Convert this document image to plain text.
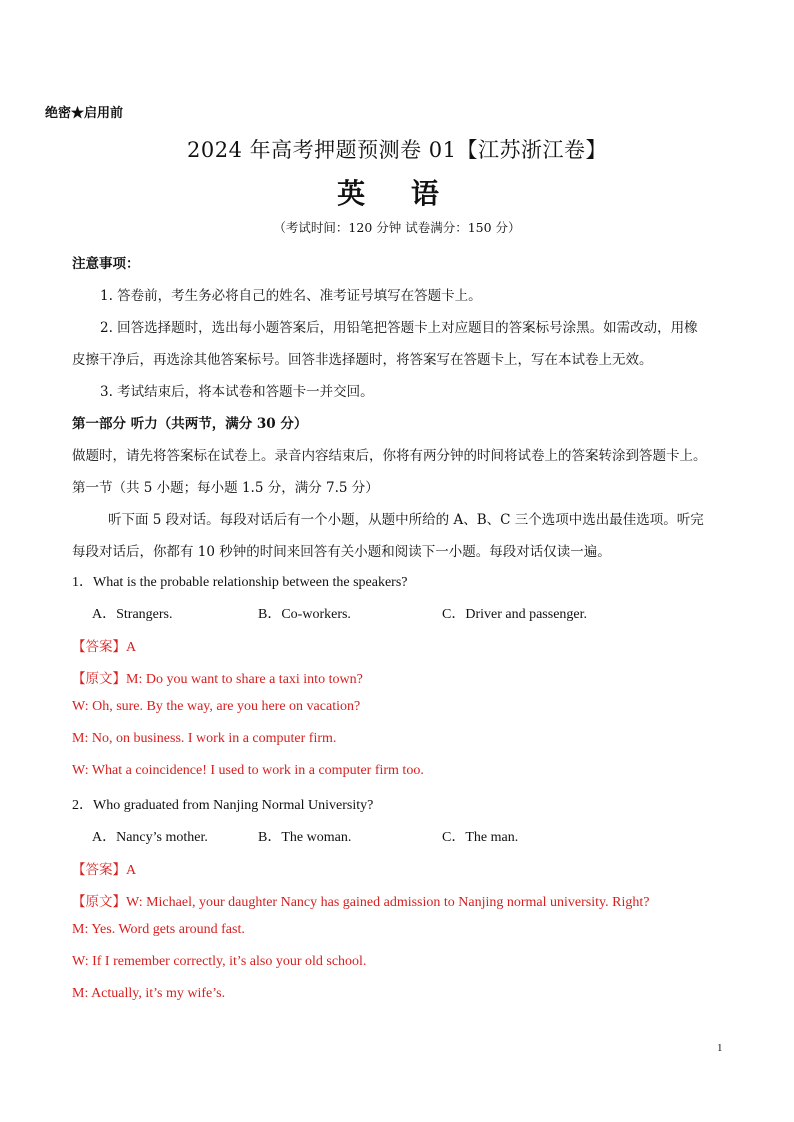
绝密★启用前
2024 年高考押题预测卷 01【江苏浙江卷】
英 语
（考试时间：120 分钟 试卷满分：150 分）
注意事项：
1. 答卷前，考生务必将自己的姓名、准考证号填写在答题卡上。
2. 回答选择题时，选出每小题答案后，用铅笔把答题卡上对应题目的答案标号涂黑。如需改动，用橡
皮擦干净后，再选涂其他答案标号。回答非选择题时，将答案写在答题卡上，写在本试卷上无效。
3. 考试结束后，将本试卷和答题卡一并交回。
第一部分 听力（共两节，满分 30 分）
做题时，请先将答案标在试卷上。录音内容结束后，你将有两分钟的时间将试卷上的答案转涂到答题卡上。
第一节（共 5 小题；每小题 1.5 分，满分 7.5 分）
听下面 5 段对话。每段对话后有一个小题，从题中所给的 A、B、C 三个选项中选出最佳选项。听完
每段对话后，你都有 10 秒钟的时间来回答有关小题和阅读下一小题。每段对话仅读一遍。
1．What is the probable relationship between the speakers?
A．Strangers.	B．Co-workers.	C．Driver and passenger.
【答案】A
【原文】M: Do you want to share a taxi into town?
W: Oh, sure. By the way, are you here on vacation?
M: No, on business. I work in a computer firm.
W: What a coincidence! I used to work in a computer firm too.
2．Who graduated from Nanjing Normal University?
A．Nancy’s mother.	B．The woman.	C．The man.
【答案】A
【原文】W: Michael, your daughter Nancy has gained admission to Nanjing normal university. Right?
M: Yes. Word gets around fast.
W: If I remember correctly, it’s also your old school.
M: Actually, it’s my wife’s.
1
